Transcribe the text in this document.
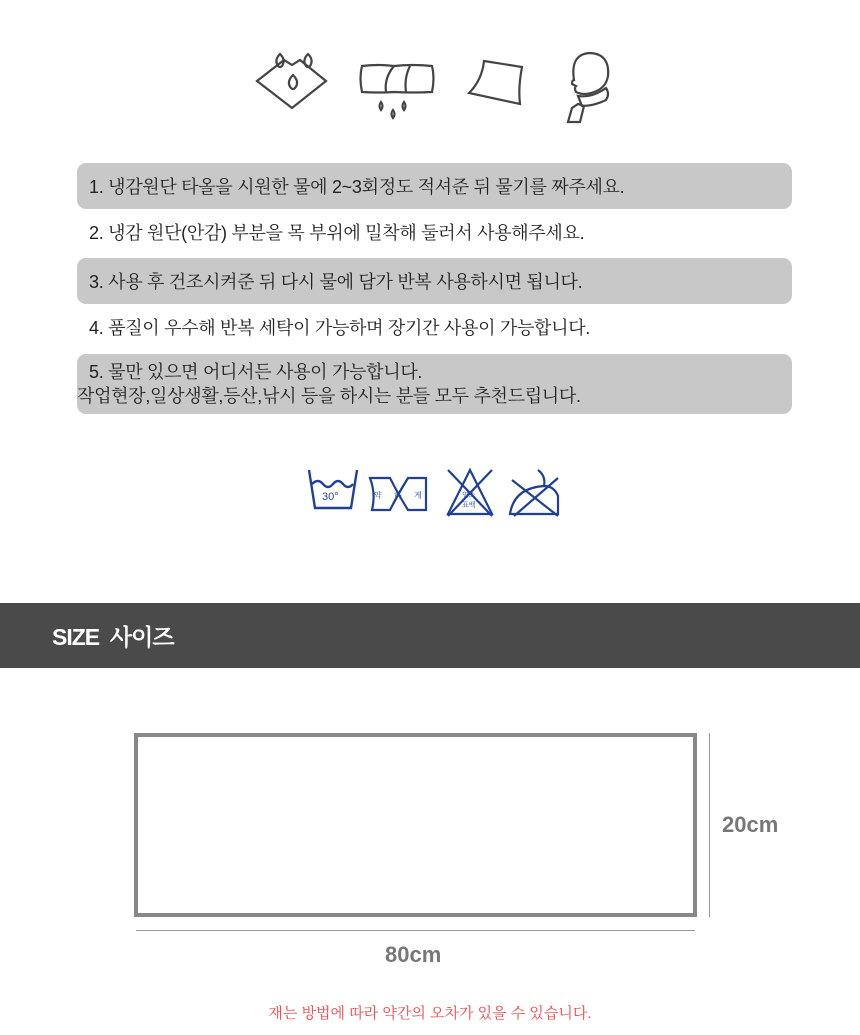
1. 냉감원단 타올을 시원한 물에 2~3회정도 적셔준 뒤 물기를 짜주세요.
2. 냉감 원단(안감) 부분을 목 부위에 밀착해 둘러서 사용해주세요.
3. 사용 후 건조시켜준 뒤 다시 물에 담가 반복 사용하시면 됩니다.
4. 품질이 우수해 반복 세탁이 가능하며 장기간 사용이 가능합니다.
5. 물만 있으면 어디서든 사용이 가능합니다.
작업현장,일상생활,등산,낚시 등을 하시는 분들 모두 추천드립니다.
30°	약 하 게	염소
표백
SIZE  사이즈
20cm
80cm
재는 방법에 따라 약간의 오차가 있을 수 있습니다.
